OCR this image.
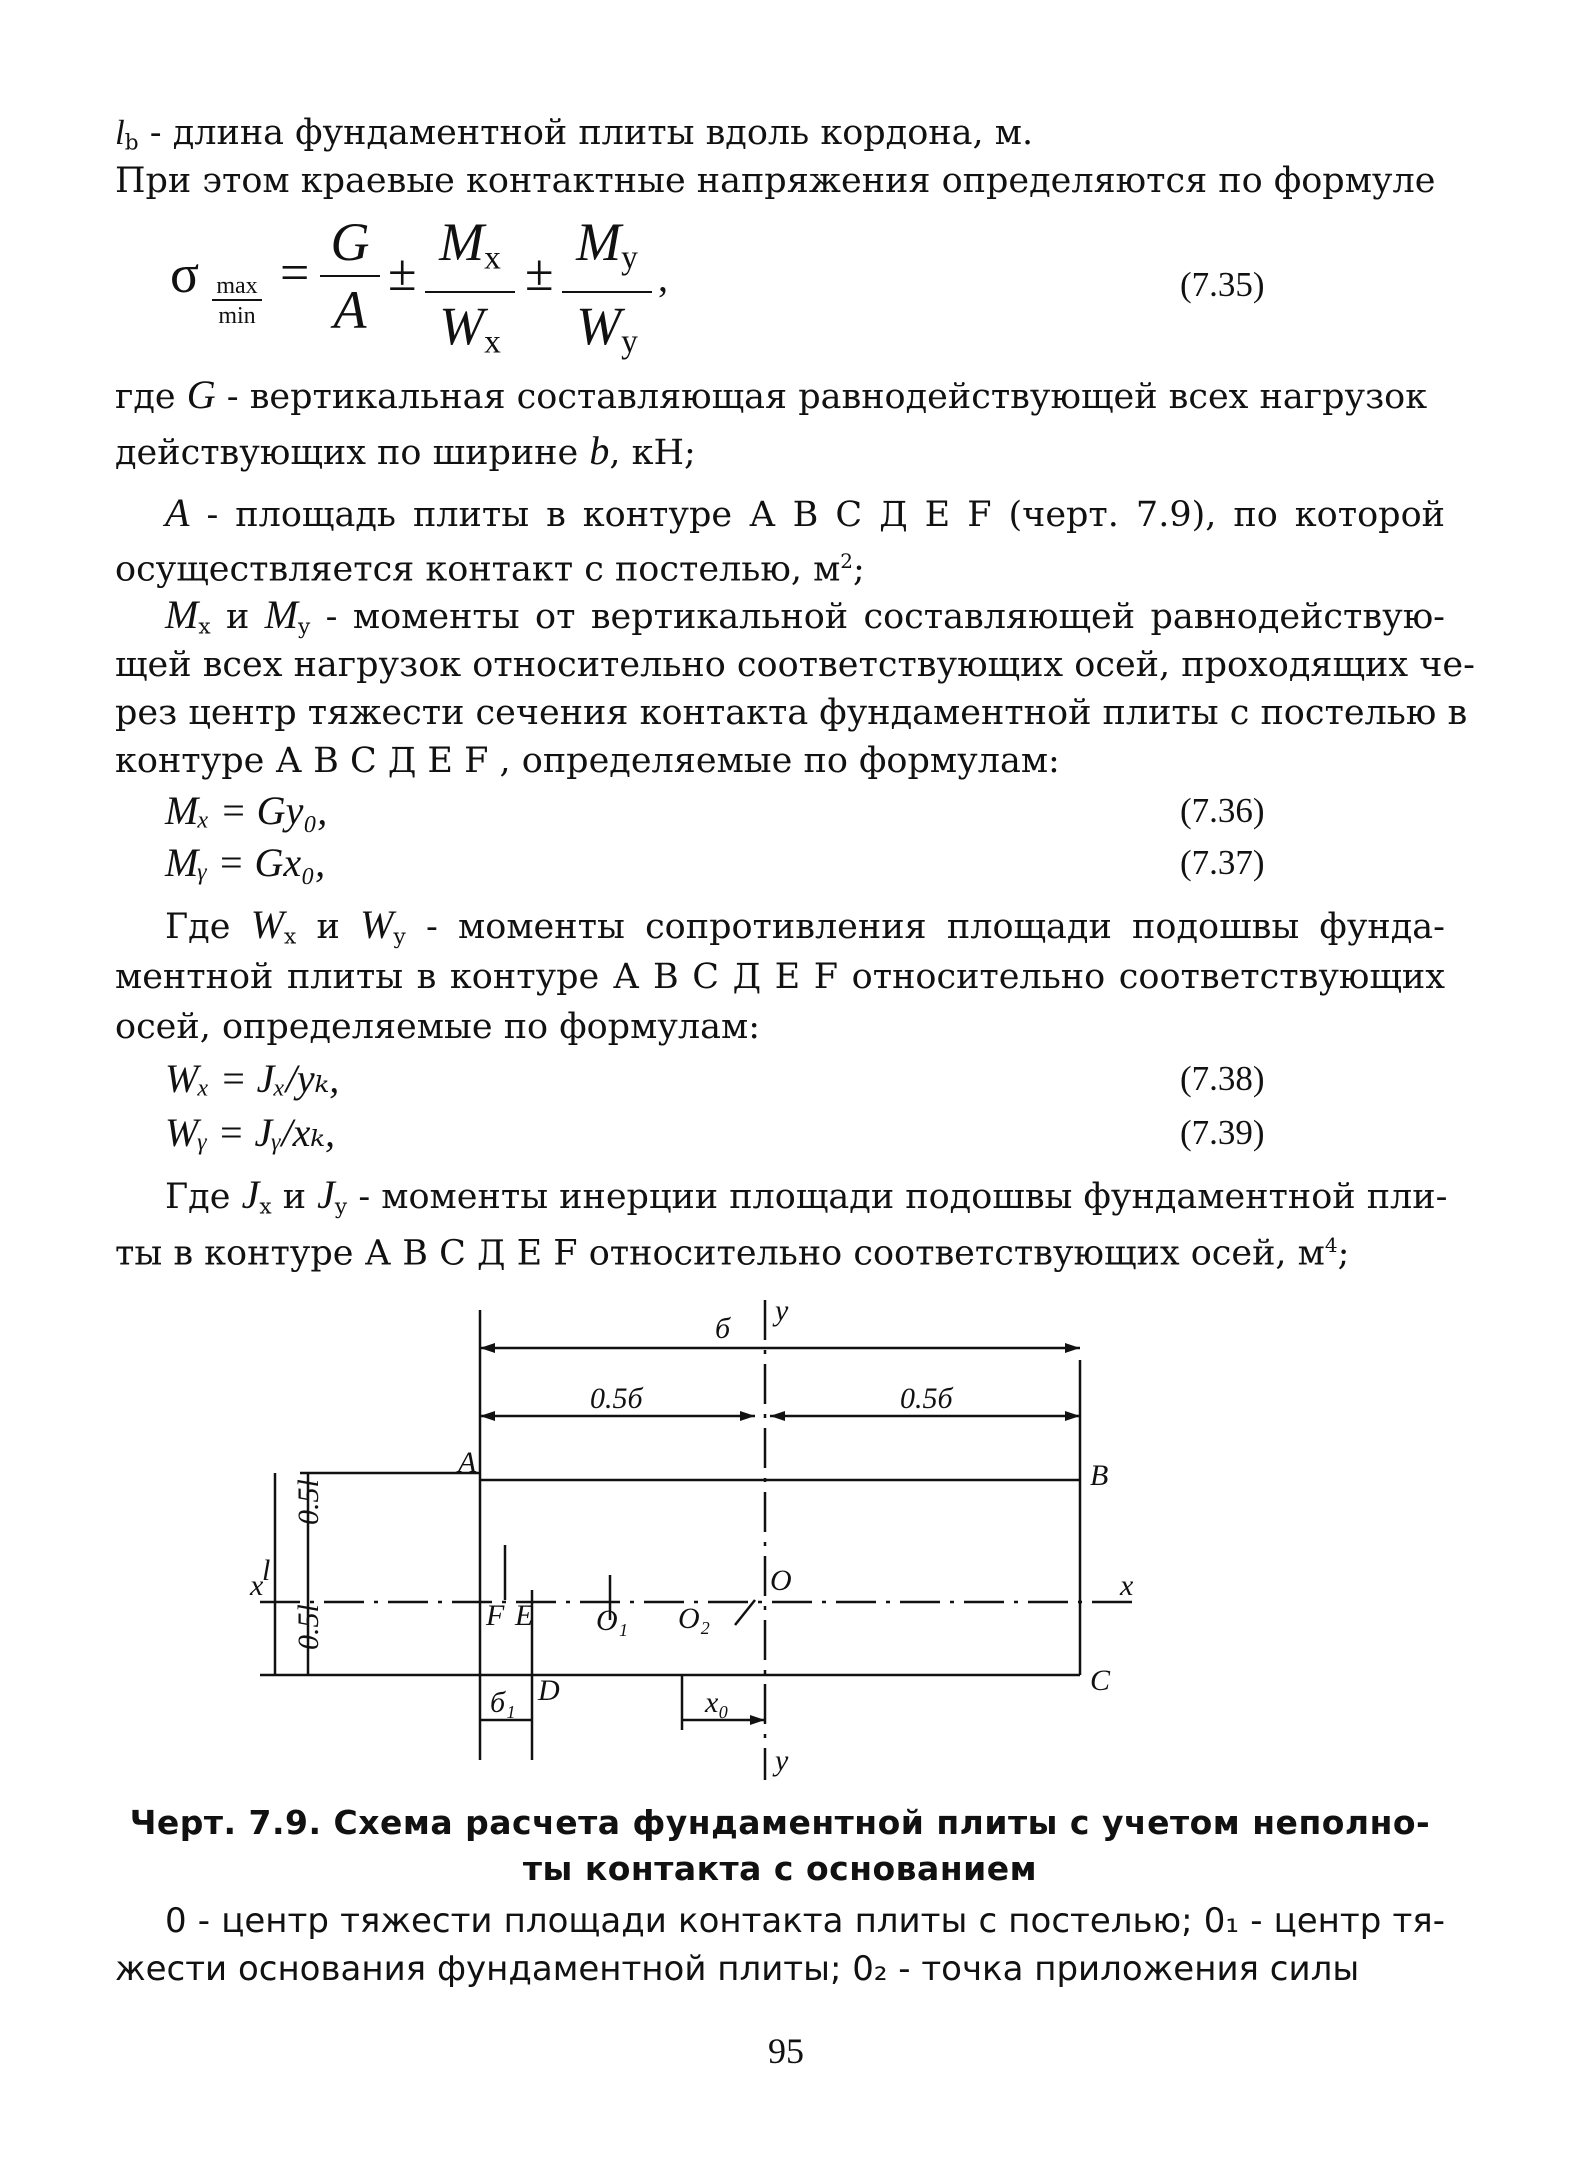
$l_b$ - длина фундаментной плиты вдоль кордона, м.
При этом краевые контактные напряжения определяются по формуле
σ max
min
=
G
A
±
$M_x$
$W_x$
±
$M_y$
$W_y$
,	(7.35)
где G - вертикальная составляющая равнодействующей всех нагрузок
действующих по ширине b, кН;
A - площадь плиты в контуре А В С Д Е F (черт. 7.9), по которой
осуществляется контакт с постелью, $м^2$;
$M_x$ и $M_y$ - моменты от вертикальной составляющей равнодействую-
щей всех нагрузок относительно соответствующих осей, проходящих че-
рез центр тяжести сечения контакта фундаментной плиты с постелью в
контуре А В С Д Е F , определяемые по формулам:
Mₓ = Gy₀,	(7.36)
Mᵧ = Gx₀,	(7.37)
Где $W_x$ и $W_y$ - моменты сопротивления площади подошвы фунда-
ментной плиты в контуре А В С Д Е F относительно соответствующих
осей, определяемые по формулам:
Wₓ = Jₓ/yₖ,	(7.38)
Wᵧ = Jᵧ/xₖ,	(7.39)
Где $J_x$ и $J_y$ - моменты инерции площади подошвы фундаментной пли-
ты в контуре А В С Д Е F относительно соответствующих осей, $м^4$;
б
y
0.5б	0.5б
A	B
C
D
E
F
O
O₁ O₂
x
x
y
0.5l
0.5l
l
б₁	x₀
Черт. 7.9. Схема расчета фундаментной плиты с учетом неполно-
ты контакта с основанием
0 - центр тяжести площади контакта плиты с постелью; 0₁ - центр тя-
жести основания фундаментной плиты; 0₂ - точка приложения силы
95
